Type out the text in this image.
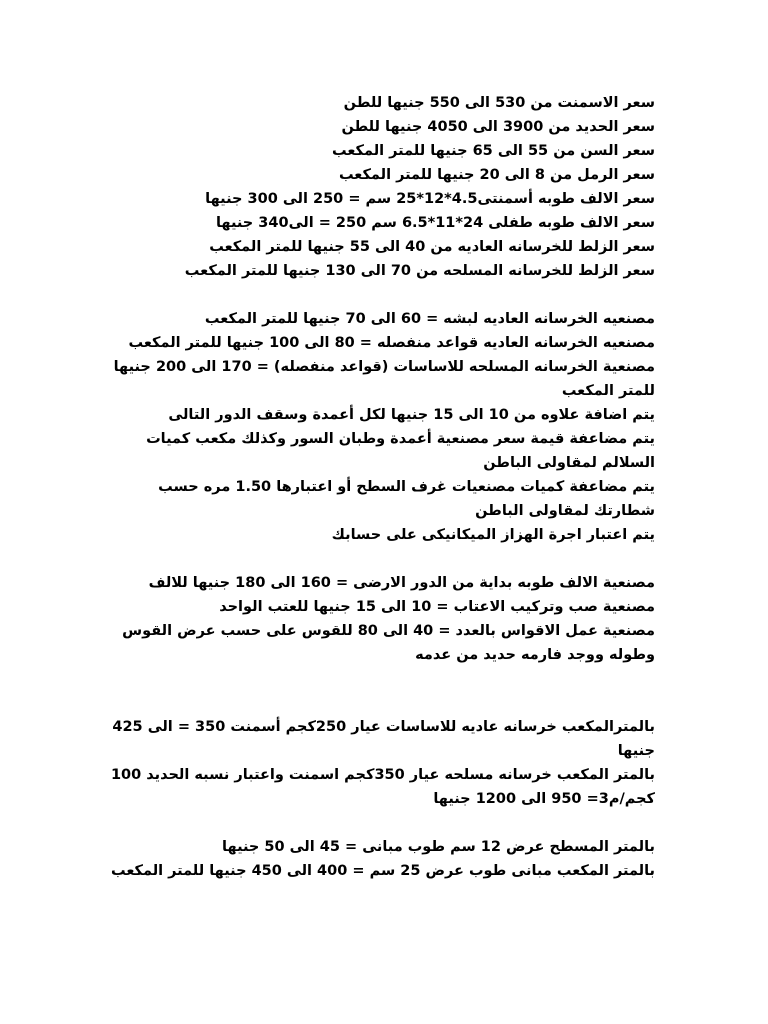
سعر الاسمنت من 530 الى 550 جنيها للطن
سعر الحديد من 3900 الى 4050 جنيها للطن
سعر السن من 55 الى 65 جنيها للمتر المكعب
سعر الرمل من 8 الى 20 جنيها للمتر المكعب
سعر الالف طوبه أسمنتى4.5*12*25 سم = 250 الى 300 جنيها
سعر الالف طوبه طفلى 24*11*6.5 سم 250 = الى340 جنيها
سعر الزلط للخرسانه العاديه من 40 الى 55 جنيها للمتر المكعب
سعر الزلط للخرسانه المسلحه من 70 الى 130 جنيها للمتر المكعب
مصنعيه الخرسانه العاديه لبشه = 60 الى 70 جنيها للمتر المكعب
مصنعيه الخرسانه العاديه قواعد منفصله = 80 الى 100 جنيها للمتر المكعب
مصنعية الخرسانه المسلحه للاساسات (قواعد منفصله) = 170 الى 200 جنيها للمتر المكعب
يتم اضافة علاوه من 10 الى 15 جنيها لكل أعمدة وسقف الدور التالى
يتم مضاعفة قيمة سعر مصنعية أعمدة وطبان السور وكذلك مكعب كميات السلالم لمقاولى الباطن
يتم مضاعفة كميات مصنعيات غرف السطح أو اعتبارها 1.50 مره حسب شطارتك لمقاولى الباطن
يتم اعتبار اجرة الهزاز الميكانيكى على حسابك
مصنعية الالف طوبه بداية من الدور الارضى = 160 الى 180 جنيها للالف
مصنعية صب وتركيب الاعتاب = 10 الى 15 جنيها للعتب الواحد
مصنعية عمل الاقواس بالعدد = 40 الى 80 للقوس على حسب عرض القوس وطوله ووجد فارمه حديد من عدمه
بالمترالمكعب خرسانه عاديه للاساسات عيار 250كجم أسمنت 350 = الى 425 جنيها
بالمتر المكعب خرسانه مسلحه عيار 350كجم اسمنت واعتبار نسبه الحديد 100 كجم/م3= 950 الى 1200 جنيها
بالمتر المسطح عرض 12 سم طوب مبانى = 45 الى 50 جنيها
بالمتر المكعب مبانى طوب عرض 25 سم = 400 الى 450 جنيها للمتر المكعب
